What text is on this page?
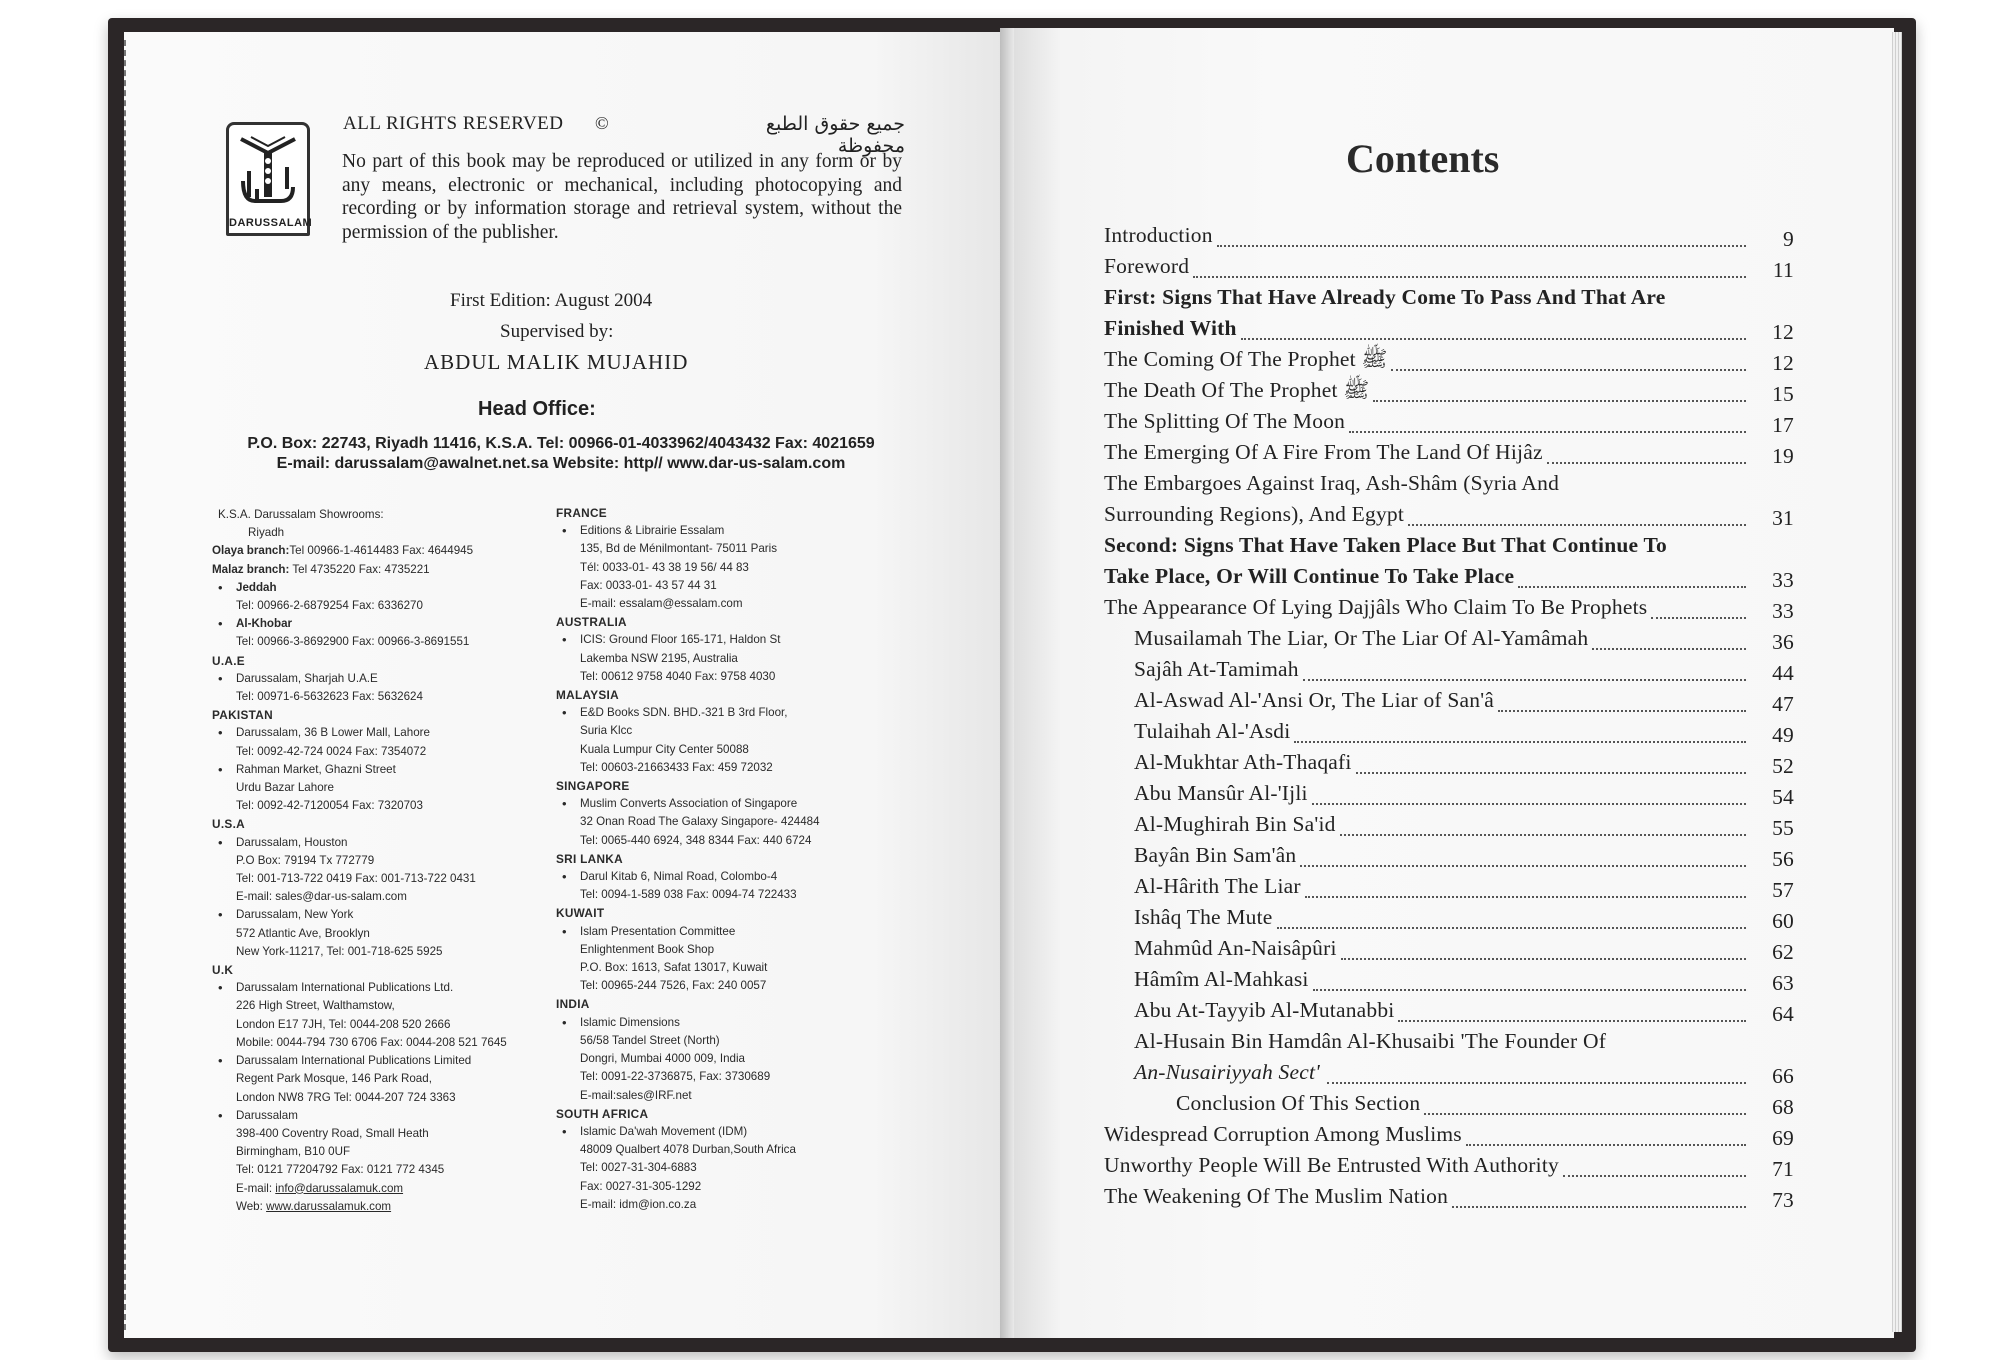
DARUSSALAM
ALL RIGHTS RESERVED ©	جميع حقوق الطبع محفوظة
No part of this book may be reproduced or utilized in any form or by any means, electronic or mechanical, including photocopying and recording or by information storage and retrieval system, without the permission of the publisher.
First Edition: August 2004
Supervised by:
ABDUL MALIK MUJAHID
Head Office:
P.O. Box: 22743, Riyadh 11416, K.S.A. Tel: 00966-01-4033962/4043432 Fax: 4021659
E-mail: darussalam@awalnet.net.sa Website: http// www.dar-us-salam.com
K.S.A. Darussalam Showrooms:
Riyadh
Olaya branch:Tel 00966-1-4614483 Fax: 4644945
Malaz branch: Tel 4735220 Fax: 4735221
• Jeddah
Tel: 00966-2-6879254 Fax: 6336270
• Al-Khobar
Tel: 00966-3-8692900 Fax: 00966-3-8691551
U.A.E
• Darussalam, Sharjah U.A.E
Tel: 00971-6-5632623 Fax: 5632624
PAKISTAN
• Darussalam, 36 B Lower Mall, Lahore
Tel: 0092-42-724 0024 Fax: 7354072
• Rahman Market, Ghazni Street
Urdu Bazar Lahore
Tel: 0092-42-7120054 Fax: 7320703
U.S.A
• Darussalam, Houston
P.O Box: 79194 Tx 772779
Tel: 001-713-722 0419 Fax: 001-713-722 0431
E-mail: sales@dar-us-salam.com
• Darussalam, New York
572 Atlantic Ave, Brooklyn
New York-11217, Tel: 001-718-625 5925
U.K
• Darussalam International Publications Ltd.
226 High Street, Walthamstow,
London E17 7JH, Tel: 0044-208 520 2666
Mobile: 0044-794 730 6706 Fax: 0044-208 521 7645
• Darussalam International Publications Limited
Regent Park Mosque, 146 Park Road,
London NW8 7RG Tel: 0044-207 724 3363
• Darussalam
398-400 Coventry Road, Small Heath
Birmingham, B10 0UF
Tel: 0121 77204792 Fax: 0121 772 4345
E-mail: info@darussalamuk.com
Web: www.darussalamuk.com
FRANCE
• Editions & Librairie Essalam
135, Bd de Ménilmontant- 75011 Paris
Tél: 0033-01- 43 38 19 56/ 44 83
Fax: 0033-01- 43 57 44 31
E-mail: essalam@essalam.com
AUSTRALIA
• ICIS: Ground Floor 165-171, Haldon St
Lakemba NSW 2195, Australia
Tel: 00612 9758 4040 Fax: 9758 4030
MALAYSIA
• E&D Books SDN. BHD.-321 B 3rd Floor,
Suria Klcc
Kuala Lumpur City Center 50088
Tel: 00603-21663433 Fax: 459 72032
SINGAPORE
• Muslim Converts Association of Singapore
32 Onan Road The Galaxy Singapore- 424484
Tel: 0065-440 6924, 348 8344 Fax: 440 6724
SRI LANKA
• Darul Kitab 6, Nimal Road, Colombo-4
Tel: 0094-1-589 038 Fax: 0094-74 722433
KUWAIT
• Islam Presentation Committee
Enlightenment Book Shop
P.O. Box: 1613, Safat 13017, Kuwait
Tel: 00965-244 7526, Fax: 240 0057
INDIA
• Islamic Dimensions
56/58 Tandel Street (North)
Dongri, Mumbai 4000 009, India
Tel: 0091-22-3736875, Fax: 3730689
E-mail:sales@IRF.net
SOUTH AFRICA
• Islamic Da'wah Movement (IDM)
48009 Qualbert 4078 Durban,South Africa
Tel: 0027-31-304-6883
Fax: 0027-31-305-1292
E-mail: idm@ion.co.za
Contents
Introduction	9
Foreword	11
First: Signs That Have Already Come To Pass And That Are
Finished With	12
The Coming Of The Prophet ﷺ	12
The Death Of The Prophet ﷺ	15
The Splitting Of The Moon	17
The Emerging Of A Fire From The Land Of Hijâz	19
The Embargoes Against Iraq, Ash-Shâm (Syria And
Surrounding Regions), And Egypt	31
Second: Signs That Have Taken Place But That Continue To
Take Place, Or Will Continue To Take Place	33
The Appearance Of Lying Dajjâls Who Claim To Be Prophets	33
Musailamah The Liar, Or The Liar Of Al-Yamâmah	36
Sajâh At-Tamimah	44
Al-Aswad Al-'Ansi Or, The Liar of San'â	47
Tulaihah Al-'Asdi	49
Al-Mukhtar Ath-Thaqafi	52
Abu Mansûr Al-'Ijli	54
Al-Mughirah Bin Sa'id	55
Bayân Bin Sam'ân	56
Al-Hârith The Liar	57
Ishâq The Mute	60
Mahmûd An-Naisâpûri	62
Hâmîm Al-Mahkasi	63
Abu At-Tayyib Al-Mutanabbi	64
Al-Husain Bin Hamdân Al-Khusaibi 'The Founder Of
An-Nusairiyyah Sect'	66
Conclusion Of This Section	68
Widespread Corruption Among Muslims	69
Unworthy People Will Be Entrusted With Authority	71
The Weakening Of The Muslim Nation	73
